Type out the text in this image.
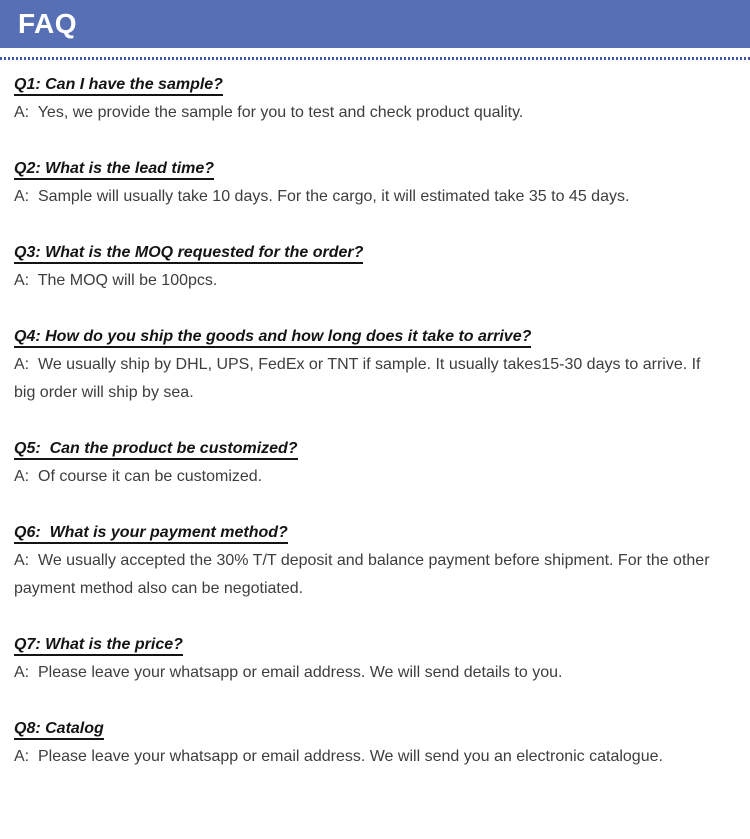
FAQ
Q1: Can I have the sample?
A:  Yes, we provide the sample for you to test and check product quality.
Q2: What is the lead time?
A:  Sample will usually take 10 days. For the cargo, it will estimated take 35 to 45 days.
Q3: What is the MOQ requested for the order?
A:  The MOQ will be 100pcs.
Q4: How do you ship the goods and how long does it take to arrive?
A:  We usually ship by DHL, UPS, FedEx or TNT if sample. It usually takes15-30 days to arrive. If big order will ship by sea.
Q5:  Can the product be customized?
A:  Of course it can be customized.
Q6:  What is your payment method?
A:  We usually accepted the 30% T/T deposit and balance payment before shipment. For the other payment method also can be negotiated.
Q7: What is the price?
A:  Please leave your whatsapp or email address. We will send details to you.
Q8: Catalog
A:  Please leave your whatsapp or email address. We will send you an electronic catalogue.
